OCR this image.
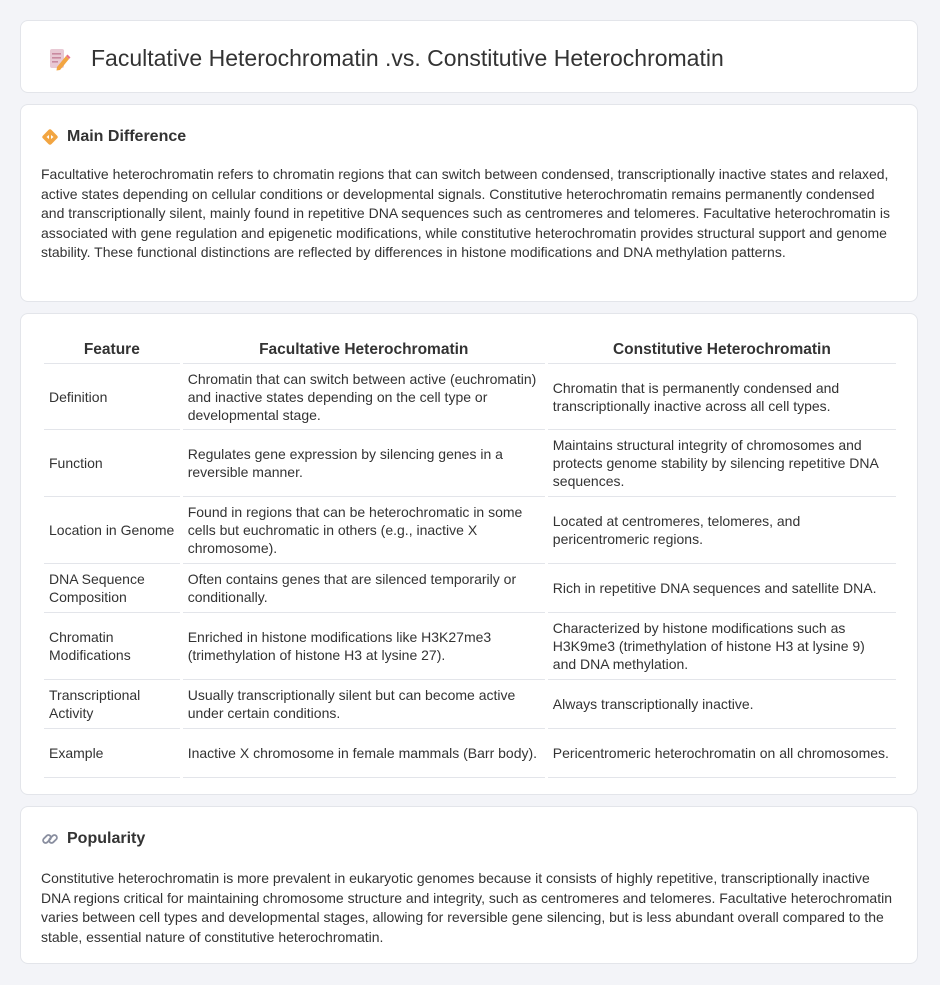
Facultative Heterochromatin .vs. Constitutive Heterochromatin
Main Difference

Facultative heterochromatin refers to chromatin regions that can switch between condensed, transcriptionally inactive states and relaxed, active states depending on cellular conditions or developmental signals. Constitutive heterochromatin remains permanently condensed and transcriptionally silent, mainly found in repetitive DNA sequences such as centromeres and telomeres. Facultative heterochromatin is associated with gene regulation and epigenetic modifications, while constitutive heterochromatin provides structural support and genome stability. These functional distinctions are reflected by differences in histone modifications and DNA methylation patterns.

Feature	Facultative Heterochromatin	Constitutive Heterochromatin
Definition	Chromatin that can switch between active (euchromatin) and inactive states depending on the cell type or developmental stage.	Chromatin that is permanently condensed and transcriptionally inactive across all cell types.
Function	Regulates gene expression by silencing genes in a reversible manner.	Maintains structural integrity of chromosomes and protects genome stability by silencing repetitive DNA sequences.
Location in Genome	Found in regions that can be heterochromatic in some cells but euchromatic in others (e.g., inactive X chromosome).	Located at centromeres, telomeres, and pericentromeric regions.
DNA Sequence Composition	Often contains genes that are silenced temporarily or conditionally.	Rich in repetitive DNA sequences and satellite DNA.
Chromatin Modifications	Enriched in histone modifications like H3K27me3 (trimethylation of histone H3 at lysine 27).	Characterized by histone modifications such as H3K9me3 (trimethylation of histone H3 at lysine 9) and DNA methylation.
Transcriptional Activity	Usually transcriptionally silent but can become active under certain conditions.	Always transcriptionally inactive.
Example	Inactive X chromosome in female mammals (Barr body).	Pericentromeric heterochromatin on all chromosomes.
Popularity

Constitutive heterochromatin is more prevalent in eukaryotic genomes because it consists of highly repetitive, transcriptionally inactive DNA regions critical for maintaining chromosome structure and integrity, such as centromeres and telomeres. Facultative heterochromatin varies between cell types and developmental stages, allowing for reversible gene silencing, but is less abundant overall compared to the stable, essential nature of constitutive heterochromatin.
